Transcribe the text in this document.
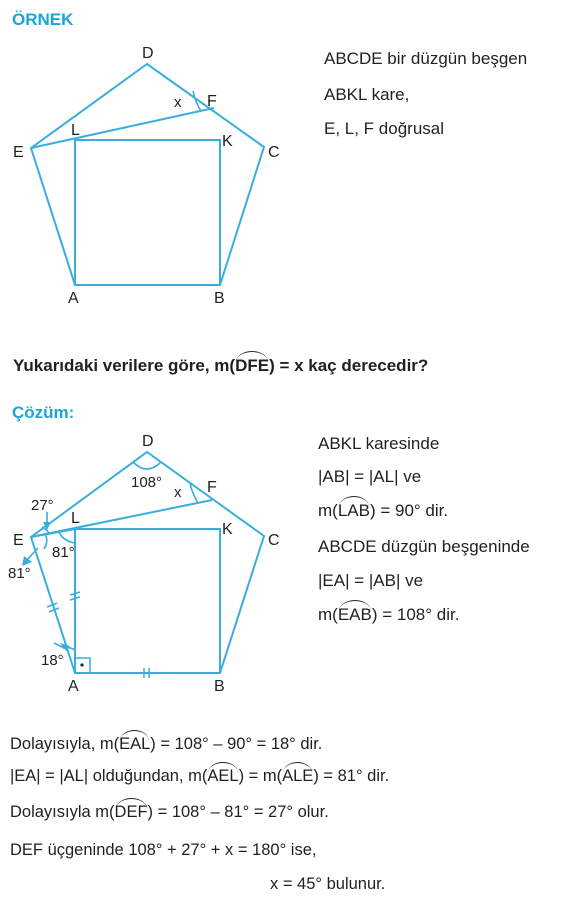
ÖRNEK
D
E	C
L
K
F
x
A	B
ABCDE bir düzgün beşgen
ABKL kare,
E, L, F doğrusal
Yukarıdaki verilere göre, m(DFE) = x kaç derecedir?
Çözüm:
D
E	C
L
K
F
x
A	B
108°
27°
81°
81°
18°
ABKL karesinde
|AB| = |AL| ve
m(LAB) = 90° dir.
ABCDE düzgün beşgeninde
|EA| = |AB| ve
m(EAB) = 108° dir.
Dolayısıyla, m(EAL) = 108° – 90° = 18° dir.
|EA| = |AL| olduğundan, m(AEL) = m(ALE) = 81° dir.
Dolayısıyla m(DEF) = 108° – 81° = 27° olur.
DEF üçgeninde 108° + 27° + x = 180° ise,
x = 45° bulunur.
